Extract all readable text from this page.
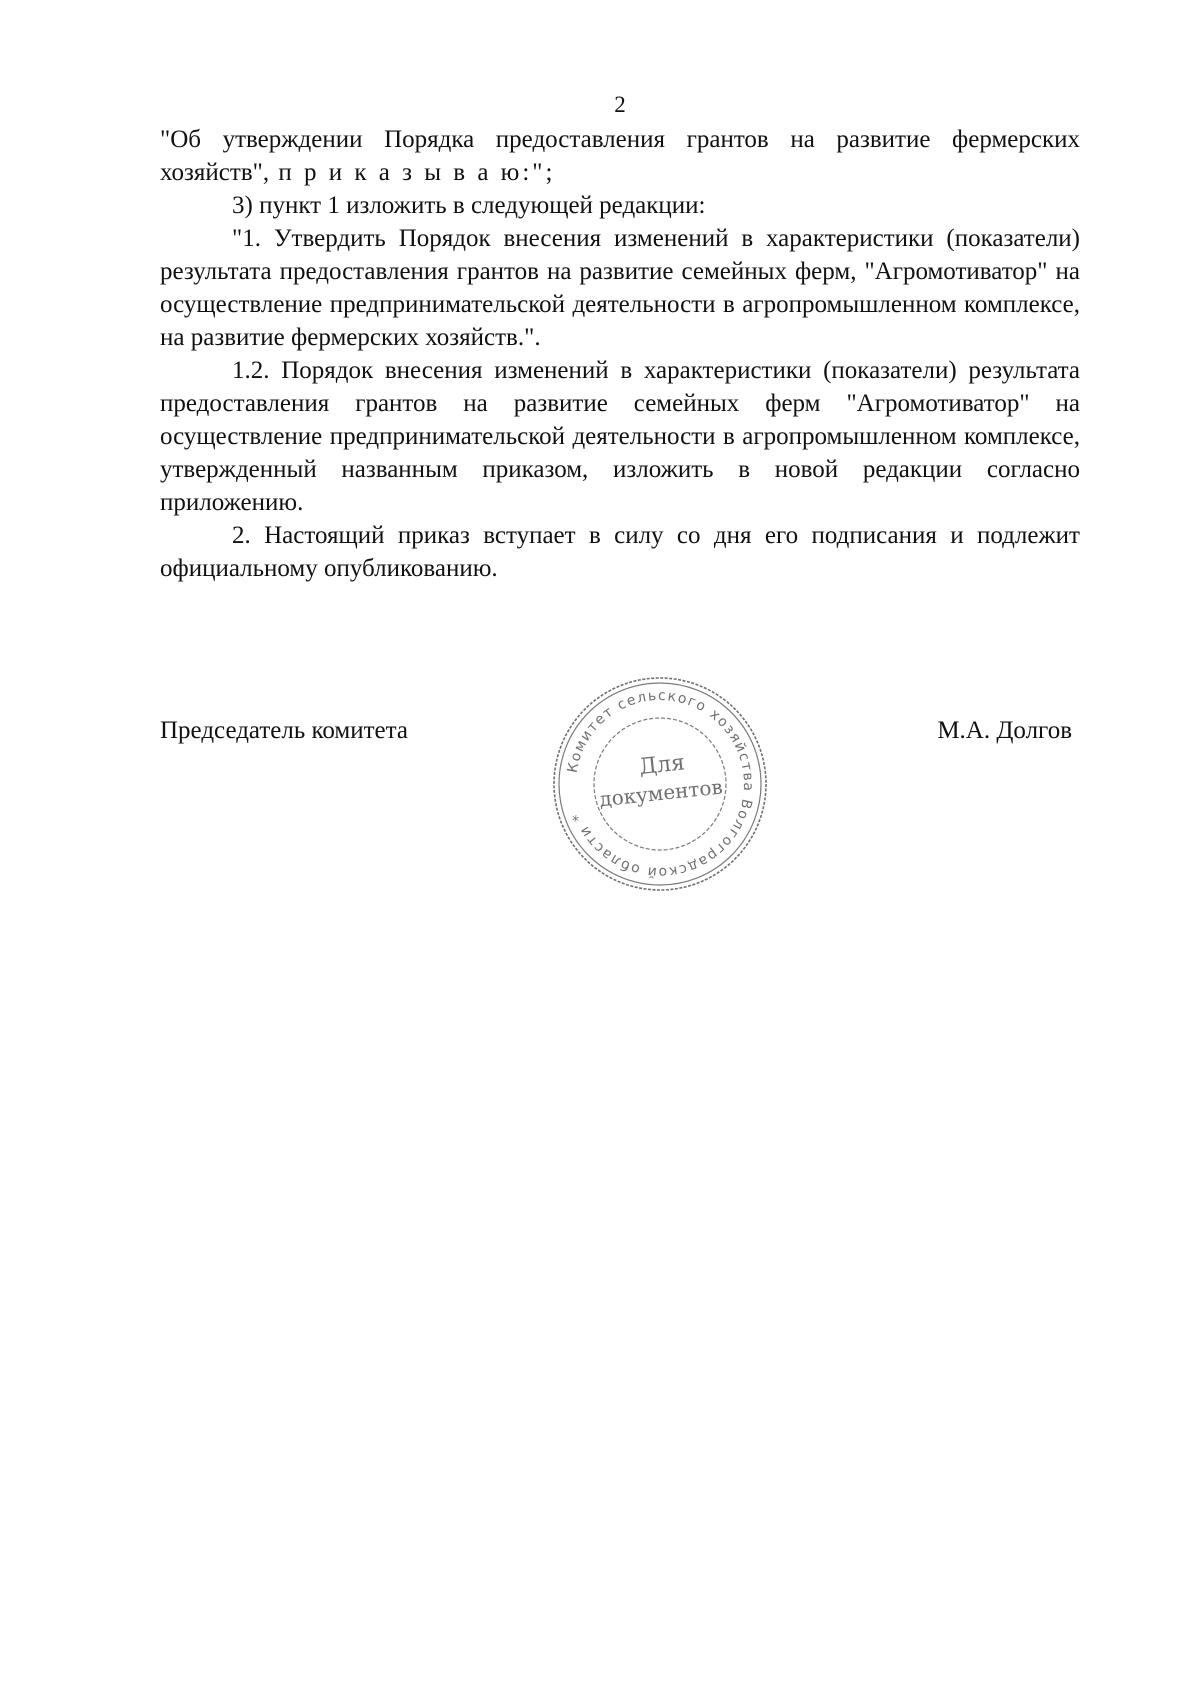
2

"Об утверждении Порядка предоставления грантов на развитие фермерских хозяйств", п р и к а з ы в а ю:";

3) пункт 1 изложить в следующей редакции:

"1. Утвердить Порядок внесения изменений в характеристики (показатели) результата предоставления грантов на развитие семейных ферм, "Агромотиватор" на осуществление предпринимательской деятельности в агропромышленном комплексе, на развитие фермерских хозяйств.".

1.2. Порядок внесения изменений в характеристики (показатели) результата предоставления грантов на развитие семейных ферм "Агромотиватор" на осуществление предпринимательской деятельности в агропромышленном комплексе, утвержденный названным приказом, изложить в новой редакции согласно приложению.

2. Настоящий приказ вступает в силу со дня его подписания и подлежит официальному опубликованию.

Председатель комитета	М.А. Долгов
Комитет сельского хозяйства Волгоградской области *
Для
документов
